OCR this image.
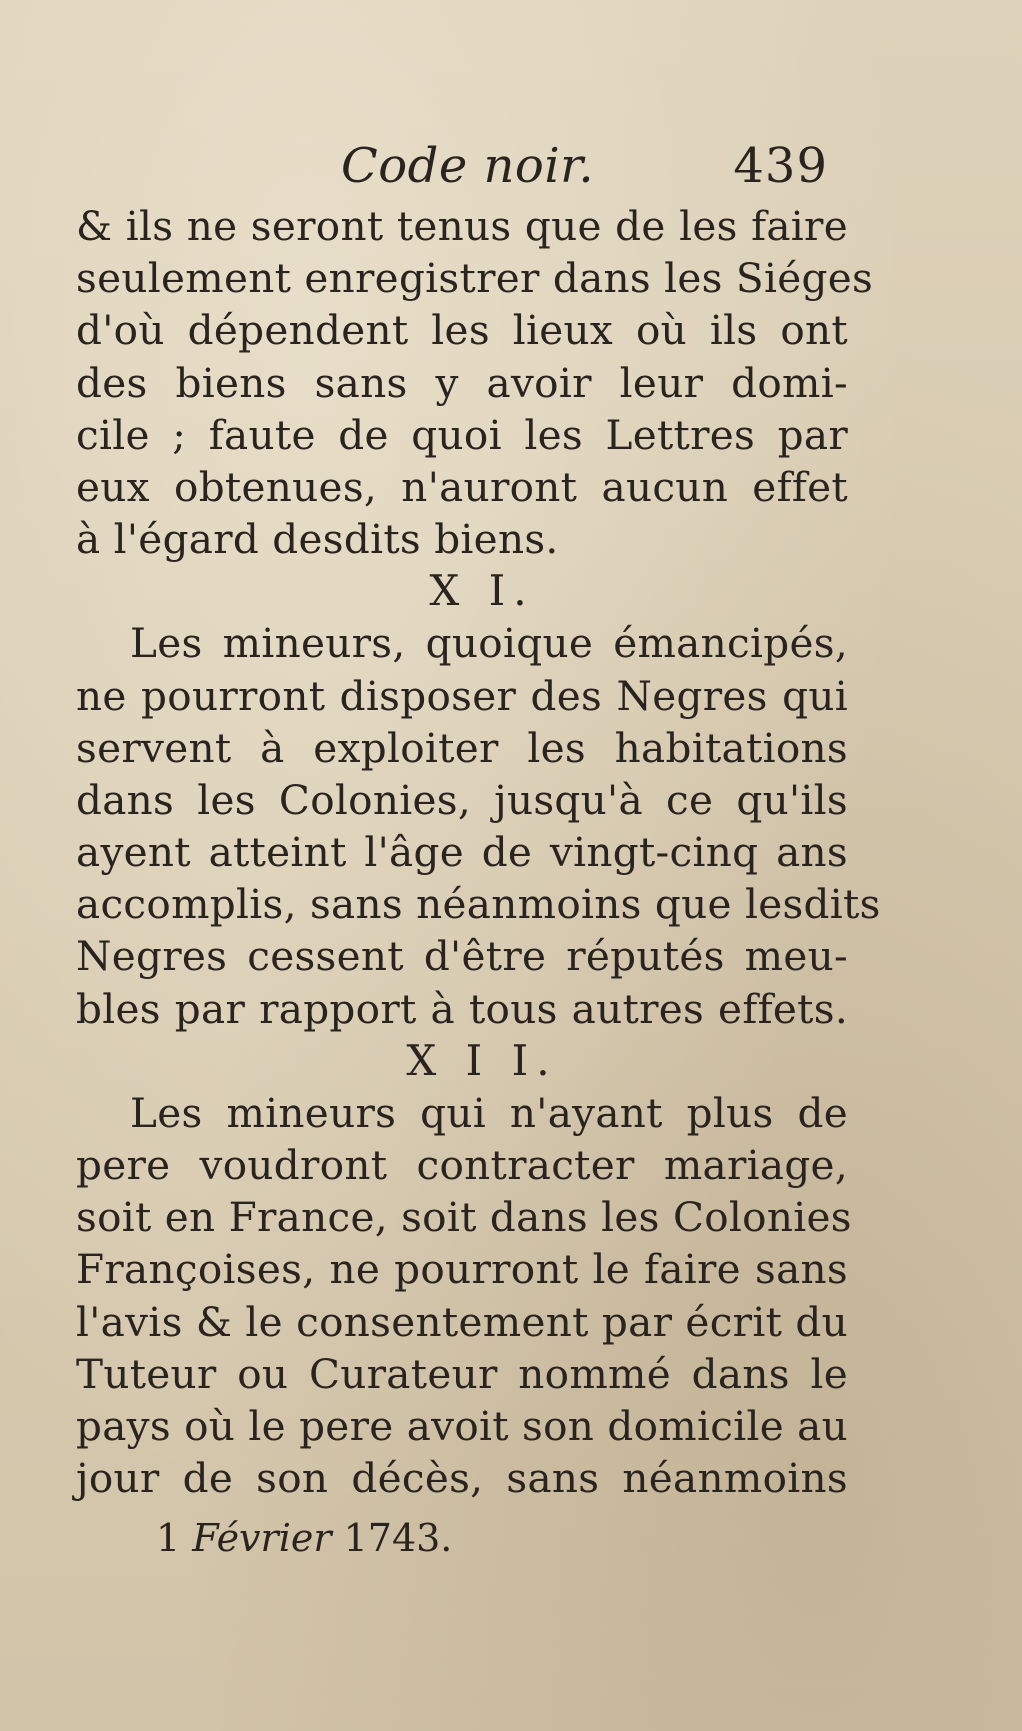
Code noir.	439
& ils ne seront tenus que de les faire
seulement enregistrer dans les Siéges
d'où dépendent les lieux où ils ont
des biens sans y avoir leur domi-
cile ; faute de quoi les Lettres par
eux obtenues, n'auront aucun effet
à l'égard desdits biens.
X I.
Les mineurs, quoique émancipés,
ne pourront disposer des Negres qui
servent à exploiter les habitations
dans les Colonies, jusqu'à ce qu'ils
ayent atteint l'âge de vingt-cinq ans
accomplis, sans néanmoins que lesdits
Negres cessent d'être réputés meu-
bles par rapport à tous autres effets.
X I I.
Les mineurs qui n'ayant plus de
pere voudront contracter mariage,
soit en France, soit dans les Colonies
Françoises, ne pourront le faire sans
l'avis & le consentement par écrit du
Tuteur ou Curateur nommé dans le
pays où le pere avoit son domicile au
jour de son décès, sans néanmoins
1 Février 1743.
